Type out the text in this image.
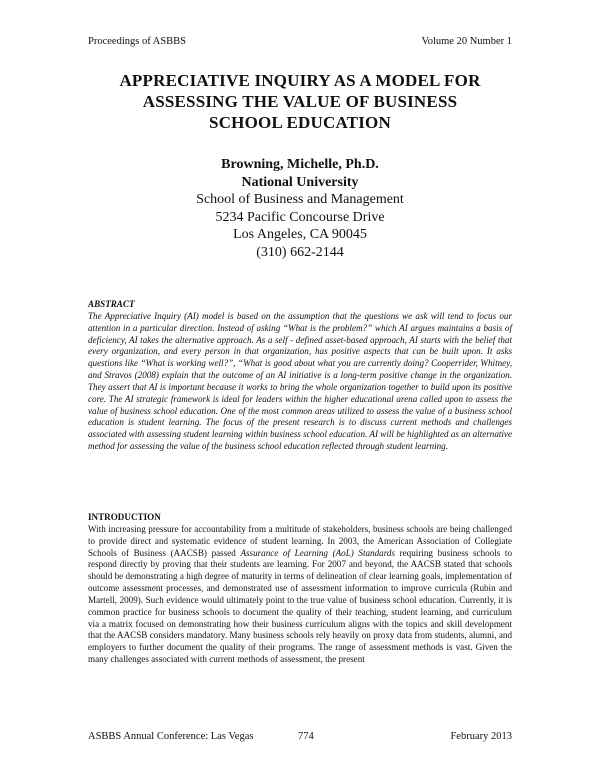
Proceedings of ASBBS	Volume 20 Number 1
APPRECIATIVE INQUIRY AS A MODEL FOR
ASSESSING THE VALUE OF BUSINESS
SCHOOL EDUCATION
Browning, Michelle, Ph.D.
National University
School of Business and Management
5234 Pacific Concourse Drive
Los Angeles, CA 90045
(310) 662-2144
ABSTRACT
The Appreciative Inquiry (AI) model is based on the assumption that the questions we ask will tend to focus our attention in a particular direction. Instead of asking “What is the problem?” which AI argues maintains a basis of deficiency, AI takes the alternative approach. As a self - defined asset-based approach, AI starts with the belief that every organization, and every person in that organization, has positive aspects that can be built upon. It asks questions like “What is working well?”, “What is good about what you are currently doing? Cooperrider, Whitney, and Stravos (2008) explain that the outcome of an AI initiative is a long-term positive change in the organization. They assert that AI is important because it works to bring the whole organization together to build upon its positive core. The AI strategic framework is ideal for leaders within the higher educational arena called upon to assess the value of business school education. One of the most common areas utilized to assess the value of a business school education is student learning. The focus of the present research is to discuss current methods and challenges associated with assessing student learning within business school education. AI will be highlighted as an alternative method for assessing the value of the business school education reflected through student learning.
INTRODUCTION
With increasing pressure for accountability from a multitude of stakeholders, business schools are being challenged to provide direct and systematic evidence of student learning. In 2003, the American Association of Collegiate Schools of Business (AACSB) passed Assurance of Learning (AoL) Standards requiring business schools to respond directly by proving that their students are learning. For 2007 and beyond, the AACSB stated that schools should be demonstrating a high degree of maturity in terms of delineation of clear learning goals, implementation of outcome assessment processes, and demonstrated use of assessment information to improve curricula (Rubin and Martell, 2009). Such evidence would ultimately point to the true value of business school education. Currently, it is common practice for business schools to document the quality of their teaching, student learning, and curriculum via a matrix focused on demonstrating how their business curriculum aligns with the topics and skill development that the AACSB considers mandatory. Many business schools rely heavily on proxy data from students, alumni, and employers to further document the quality of their programs. The range of assessment methods is vast. Given the many challenges associated with current methods of assessment, the present
ASBBS Annual Conference: Las Vegas	774	February 2013
